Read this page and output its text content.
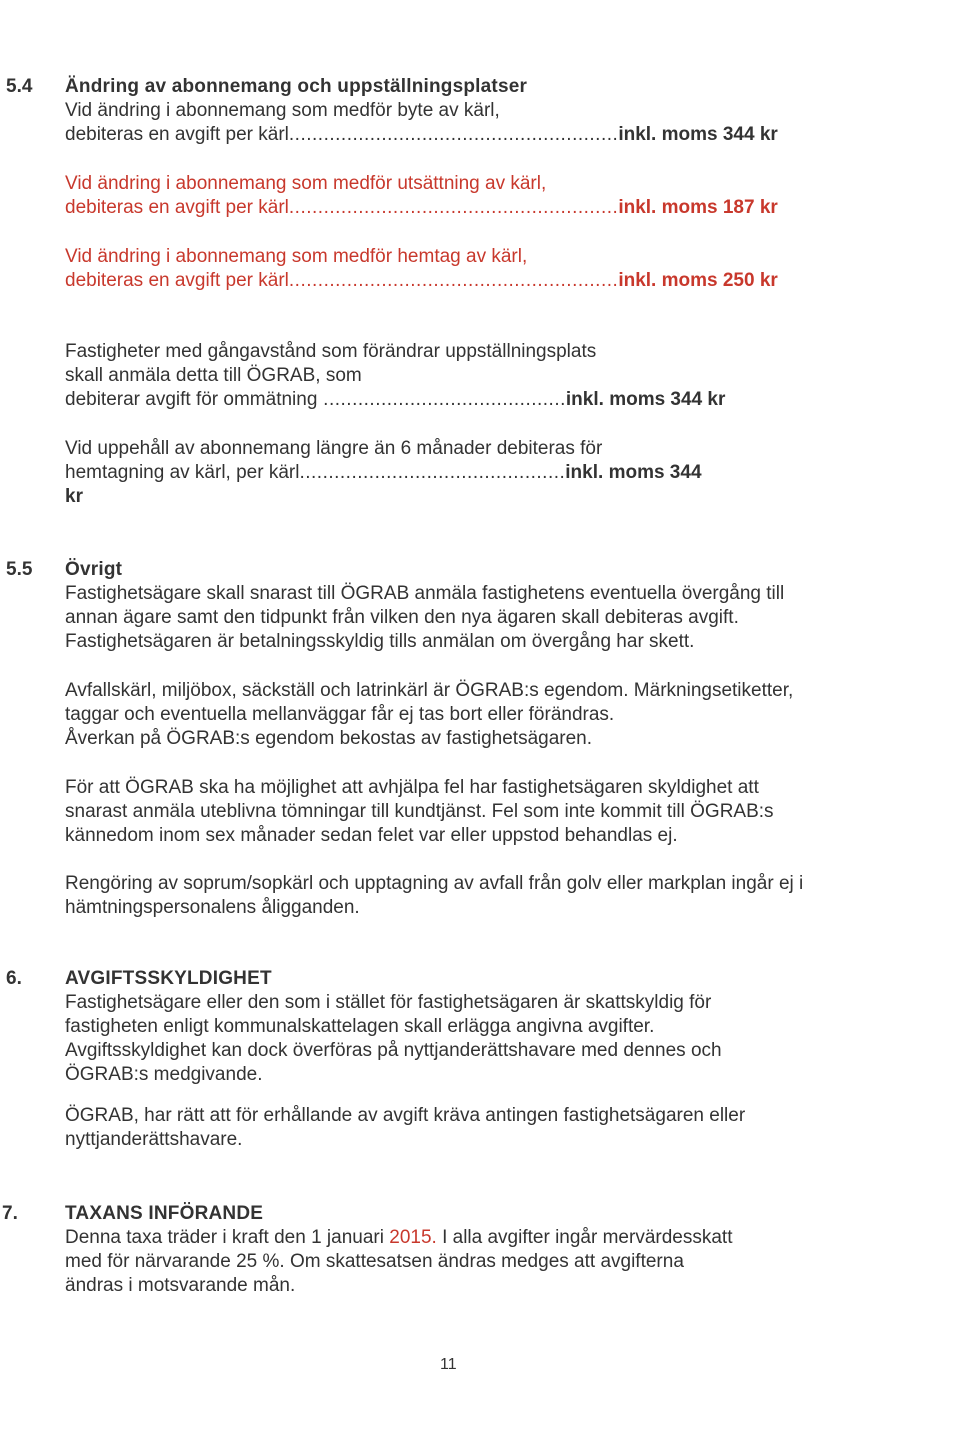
5.4 Ändring av abonnemang och uppställningsplatser
Vid ändring i abonnemang som medför byte av kärl,
debiteras en avgift per kärl.........................................................inkl. moms 344 kr
Vid ändring i abonnemang som medför utsättning av kärl,
debiteras en avgift per kärl.........................................................inkl. moms 187 kr
Vid ändring i abonnemang som medför hemtag av kärl,
debiteras en avgift per kärl.........................................................inkl. moms 250 kr
Fastigheter med gångavstånd som förändrar uppställningsplats
skall anmäla detta till ÖGRAB, som
debiterar avgift för ommätning ..........................................inkl. moms 344 kr
Vid uppehåll av abonnemang längre än 6 månader debiteras för
hemtagning av kärl, per kärl..............................................inkl. moms 344
kr
5.5 Övrigt
Fastighetsägare skall snarast till ÖGRAB anmäla fastighetens eventuella övergång till
annan ägare samt den tidpunkt från vilken den nya ägaren skall debiteras avgift.
Fastighetsägaren är betalningsskyldig tills anmälan om övergång har skett.
Avfallskärl, miljöbox, säckställ och latrinkärl är ÖGRAB:s egendom. Märkningsetiketter,
taggar och eventuella mellanväggar får ej tas bort eller förändras.
Åverkan på ÖGRAB:s egendom bekostas av fastighetsägaren.
För att ÖGRAB ska ha möjlighet att avhjälpa fel har fastighetsägaren skyldighet att
snarast anmäla uteblivna tömningar till kundtjänst. Fel som inte kommit till ÖGRAB:s
kännedom inom sex månader sedan felet var eller uppstod behandlas ej.
Rengöring av soprum/sopkärl och upptagning av avfall från golv eller markplan ingår ej i
hämtningspersonalens åligganden.
6. AVGIFTSSKYLDIGHET
Fastighetsägare eller den som i stället för fastighetsägaren är skattskyldig för
fastigheten enligt kommunalskattelagen skall erlägga angivna avgifter.
Avgiftsskyldighet kan dock överföras på nyttjanderättshavare med dennes och
ÖGRAB:s medgivande.
ÖGRAB, har rätt att för erhållande av avgift kräva antingen fastighetsägaren eller
nyttjanderättshavare.
7. TAXANS INFÖRANDE
Denna taxa träder i kraft den 1 januari 2015. I alla avgifter ingår mervärdesskatt
med för närvarande 25 %. Om skattesatsen ändras medges att avgifterna
ändras i motsvarande mån.
11
